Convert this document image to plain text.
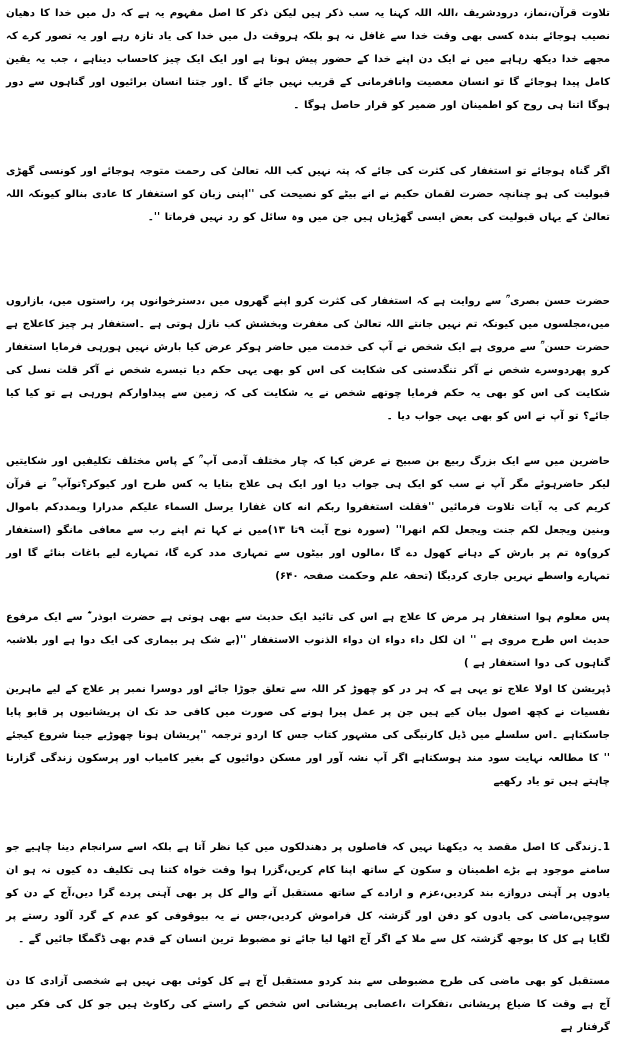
تلاوت قرآن،نماز، درودشریف ،اللہ اللہ کہنا یہ سب ذکر ہیں لیکن ذکر کا اصل مفہوم یہ ہے کہ دل میں خدا کا دھیان نصیب ہوجائے بندہ کسی بھی وقت خدا سے غافل نہ ہو بلکہ ہروقت دل میں خدا کی یاد تازہ رہے اور یہ تصور کرے کہ مجھے خدا دیکھ رہاہے میں نے ایک دن اپنے خدا کے حضور پیش ہونا ہے اور ایک ایک چیز کاحساب دیناہے ، جب یہ یقین کامل پیدا ہوجائے گا تو انسان معصیت وانافرمانی کے قریب نہیں جائے گا ۔اور جتنا انسان برائیوں اور گناہوں سے دور ہوگا اتنا ہی روح کو اطمینان اور ضمیر کو قرار حاصل ہوگا ۔

اگر گناہ ہوجائے تو استغفار کی کثرت کی جائے کہ پتہ نہیں کب اللہ تعالیٰ کی رحمت متوجہ ہوجائے اور کونسی گھڑی قبولیت کی ہو چنانچہ حضرت لقمان حکیم نے انے بیٹے کو نصیحت کی ''اپنی زبان کو استغفار کا عادی بنالو کیونکہ اللہ تعالیٰ کے یہاں قبولیت کی بعض ایسی گھڑیاں ہیں جن میں وہ سائل کو رد نہیں فرماتا ''۔

حضرت حسن بصری ؒ سے روایت ہے کہ استغفار کی کثرت کرو اپنے گھروں میں ،دسترخوانوں پر، راستوں میں، بازاروں میں،مجلسوں میں کیونکہ تم نہیں جانتے اللہ تعالیٰ کی مغفرت وبخشش کب نازل ہوتی ہے ۔استغفار ہر چیز کاعلاج ہے حضرت حسن ؒ سے مروی ہے ایک شخص نے آپ کی خدمت میں حاضر ہوکر عرض کیا بارش نہیں ہورہی فرمایا استغفار کرو پھردوسرے شخص نے آکر تنگدستی کی شکایت کی اس کو بھی یہی حکم دیا تیسرے شخص نے آکر قلت نسل کی شکایت کی اس کو بھی یہ حکم فرمایا چوتھے شخص نے یہ شکایت کی کہ زمین سے پیداوارکم ہورہی ہے تو کیا کیا جائے؟ تو آپ نے اس کو بھی یہی جواب دیا ۔

حاضرین میں سے ایک بزرگ ربیع بن صبیح نے عرض کیا کہ چار مختلف آدمی آپ ؒ کے پاس مختلف تکلیفیں اور شکایتیں لیکر حاضرہوئے مگر آپ نے سب کو ایک ہی جواب دیا اور ایک ہی علاج بتایا یہ کس طرح اور کیوکر؟توآپ ؒ نے قرآن کریم کی یہ آیات تلاوت فرمائیں ''فقلت استغفروا ربکم انه کان غفارا یرسل السماء علیکم مدرارا ویمددکم باموال وبنین ویجعل لکم جنت ویجعل لکم انھرا'' (سورہ نوح آیت ۹تا ۱۳)میں نے کہا تم اپنے رب سے معافی مانگو (استغفار کرو)وہ تم پر بارش کے دہانے کھول دے گا ،مالوں اور بیٹوں سے تمہاری مدد کرے گا، تمہارے لیے باغات بنائے گا اور تمہارے واسطے نہریں جاری کردیگا (تحفہ علم وحکمت صفحہ ۶۴۰)

پس معلوم ہوا استغفار ہر مرض کا علاج ہے اس کی تائید ایک حدیث سے بھی ہوتی ہے حضرت ابوذر ؓ سے ایک مرفوع حدیث اس طرح مروی ہے '' ان لکل داء دواء ان دواء الذنوب الاستغفار ''(بے شک ہر بیماری کی ایک دوا ہے اور بلاشبہ گناہوں کی دوا استغفار ہے )

ڈپریشن کا اولا علاج تو یہی ہے کہ ہر در کو چھوڑ کر اللہ سے تعلق جوڑا جائے اور دوسرا نمبر پر علاج کے لیے ماہرین نفسیات نے کچھ اصول بیان کیے ہیں جن پر عمل پیرا ہونے کی صورت میں کافی حد تک ان پریشانیوں پر قابو پایا جاسکتاہے ۔اس سلسلے میں ڈیل کارنیگی کی مشہور کتاب جس کا اردو ترجمہ ''پریشان ہونا چھوڑیے جینا شروع کیجئے '' کا مطالعہ نہایت سود مند ہوسکتاہے اگر آپ نشہ آور اور مسکن دوائیوں کے بغیر کامیاب اور پرسکون زندگی گزارنا چاہتے ہیں تو یاد رکھیے

1۔زندگی کا اصل مقصد یہ دیکھنا نہیں کہ فاصلوں پر دھندلکوں میں کیا نظر آتا ہے بلکہ اسے سرانجام دینا چاہیے جو سامنے موجود ہے بڑے اطمینان و سکون کے ساتھ اپنا کام کریں،گزرا ہوا وقت خواہ کتنا ہی تکلیف دہ کیوں نہ ہو ان یادوں پر آہنی دروازے بند کردیں،عزم و ارادے کے ساتھ مستقبل آنے والے کل پر بھی آہنی پردے گرا دیں،آج کے دن کو سوچیں،ماضی کی یادوں کو دفن اور گزشتہ کل فراموش کردیں،جس نے یہ بیوقوفی کو عدم کے گرد آلود رستے پر لگایا ہے کل کا بوجھ گزشتہ کل سے ملا کے اگر آج اٹھا لیا جائے تو مضبوط ترین انسان کے قدم بھی ڈگمگا جائیں گے ۔

مستقبل کو بھی ماضی کی طرح مضبوطی سے بند کردو مستقبل آج ہے کل کوئی بھی نہیں ہے شخصی آزادی کا دن آج ہے وقت کا ضیاع پریشانی ،تفکرات ،اعصابی پریشانی اس شخص کے راستے کی رکاوٹ ہیں جو کل کی فکر میں گرفتار ہے
